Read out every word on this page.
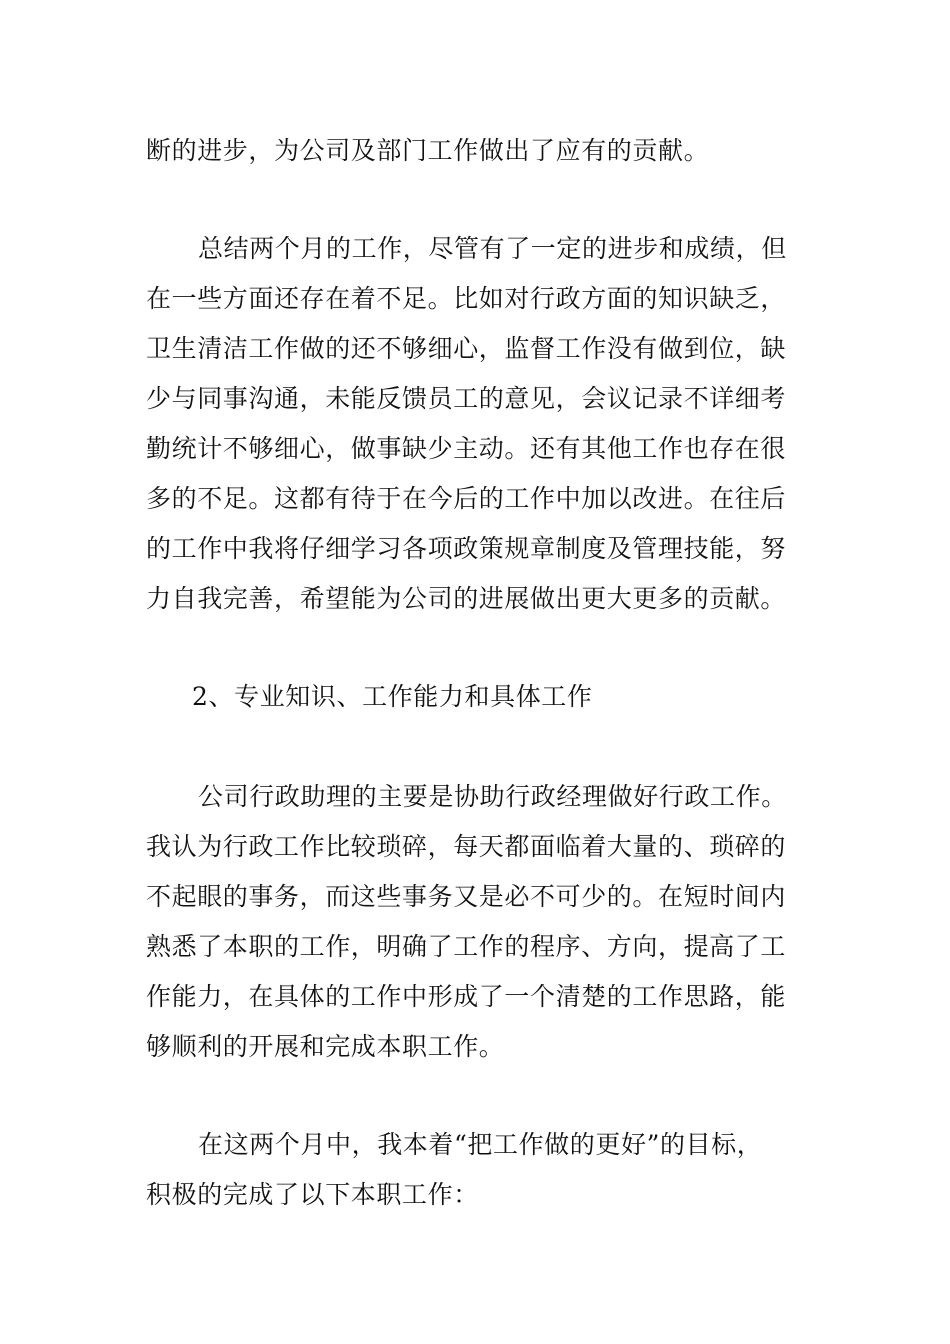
断的进步，为公司及部门工作做出了应有的贡献。
总结两个月的工作，尽管有了一定的进步和成绩，但
在一些方面还存在着不足。比如对行政方面的知识缺乏，
卫生清洁工作做的还不够细心，监督工作没有做到位，缺
少与同事沟通，未能反馈员工的意见，会议记录不详细考
勤统计不够细心，做事缺少主动。还有其他工作也存在很
多的不足。这都有待于在今后的工作中加以改进。在往后
的工作中我将仔细学习各项政策规章制度及管理技能，努
力自我完善，希望能为公司的进展做出更大更多的贡献。
2、专业知识、工作能力和具体工作
公司行政助理的主要是协助行政经理做好行政工作。
我认为行政工作比较琐碎，每天都面临着大量的、琐碎的
不起眼的事务，而这些事务又是必不可少的。在短时间内
熟悉了本职的工作，明确了工作的程序、方向，提高了工
作能力，在具体的工作中形成了一个清楚的工作思路，能
够顺利的开展和完成本职工作。
在这两个月中，我本着“把工作做的更好”的目标，
积极的完成了以下本职工作：
